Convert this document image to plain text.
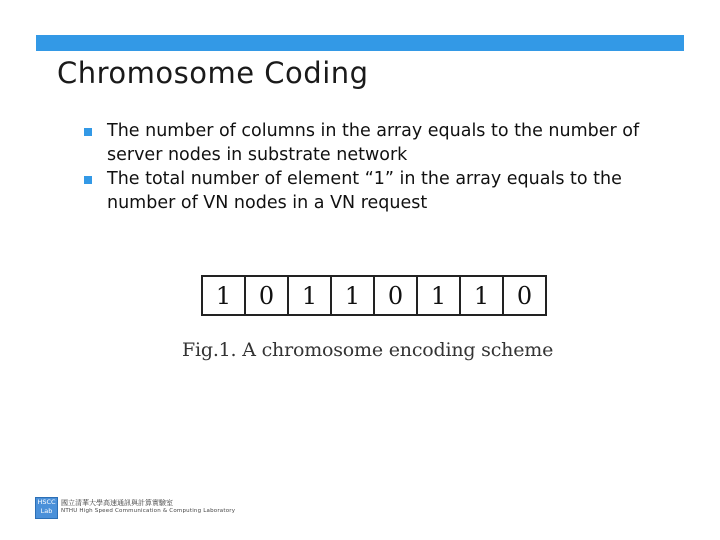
Chromosome Coding
The number of columns in the array equals to the number of server nodes in substrate network
The total number of element “1” in the array equals to the number of VN nodes in a VN request
1	0	1	1	0	1	1	0
Fig.1. A chromosome encoding scheme
HSCC Lab
國立清華大學高速通訊與計算實驗室
NTHU High Speed Communication & Computing Laboratory
